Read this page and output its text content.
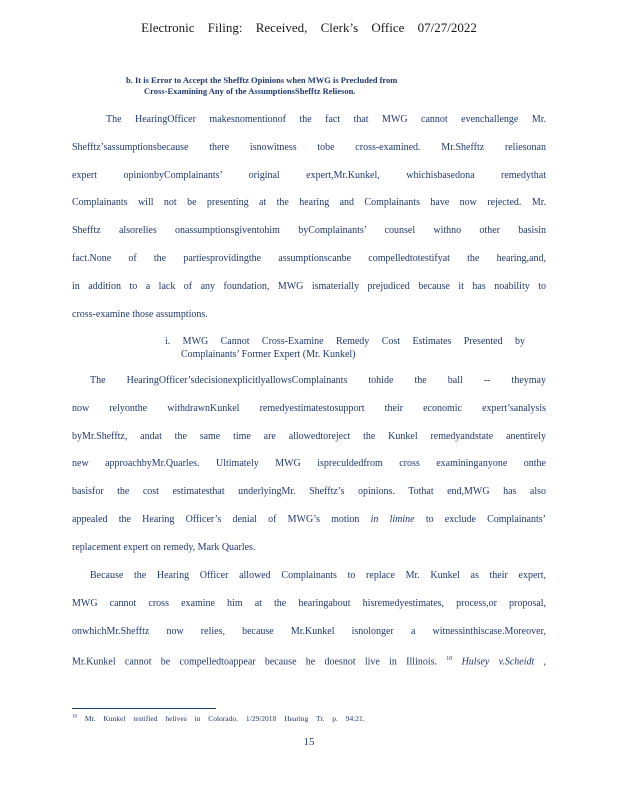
Electronic Filing: Received, Clerk’s Office 07/27/2022
b. It is Error to Accept the Shefftz Opinions when MWG is Precluded from
Cross-Examining Any of the AssumptionsShefftz Relieson.
The HearingOfficer makesnomentionof the fact that MWG cannot evenchallenge Mr.
Shefftz’sassumptionsbecause there isnowitness tobe cross-examined. Mr.Shefftz reliesonan
expert opinionbyComplainants’ original expert,Mr.Kunkel, whichisbasedona remedythat
Complainants will not be presenting at the hearing and Complainants have now rejected. Mr.
Shefftz alsorelies onassumptionsgiventohim byComplainants’ counsel withno other basisin
fact.None of the partiesprovidingthe assumptionscanbe compelledtotestifyat the hearing,and,
in addition to a lack of any foundation, MWG ismaterially prejudiced because it has noability to
cross-examine those assumptions.
i. MWG Cannot Cross-Examine Remedy Cost Estimates Presented by
Complainants’ Former Expert (Mr. Kunkel)
The HearingOfficer’sdecisionexplicitlyallowsComplainants tohide the ball -- theymay
now relyonthe withdrawnKunkel remedyestimatestosupport their economic expert’sanalysis
byMr.Shefftz, andat the same time are allowedtoreject the Kunkel remedyandstate anentirely
new approachbyMr.Quarles. Ultimately MWG ispreculdedfrom cross examininganyone onthe
basisfor the cost estimatesthat underlyingMr. Shefftz’s opinions. Tothat end,MWG has also
appealed the Hearing Officer’s denial of MWG’s motion in limine to exclude Complainants’
replacement expert on remedy, Mark Quarles.
Because the Hearing Officer allowed Complainants to replace Mr. Kunkel as their expert,
MWG cannot cross examine him at the hearingabout hisremedyestimates, process,or proposal,
onwhichMr.Shefftz now relies, because Mr.Kunkel isnolonger a witnessinthiscase.Moreover,
Mr.Kunkel cannot be compelledtoappear because he doesnot live in Illinois. $^{10}$ Hulsey v.Scheidt ,
$^{10}$ Mr. Kunkel testified helives in Colorado. 1/29/2018 Hearing Tr. p. 94:21.
15
